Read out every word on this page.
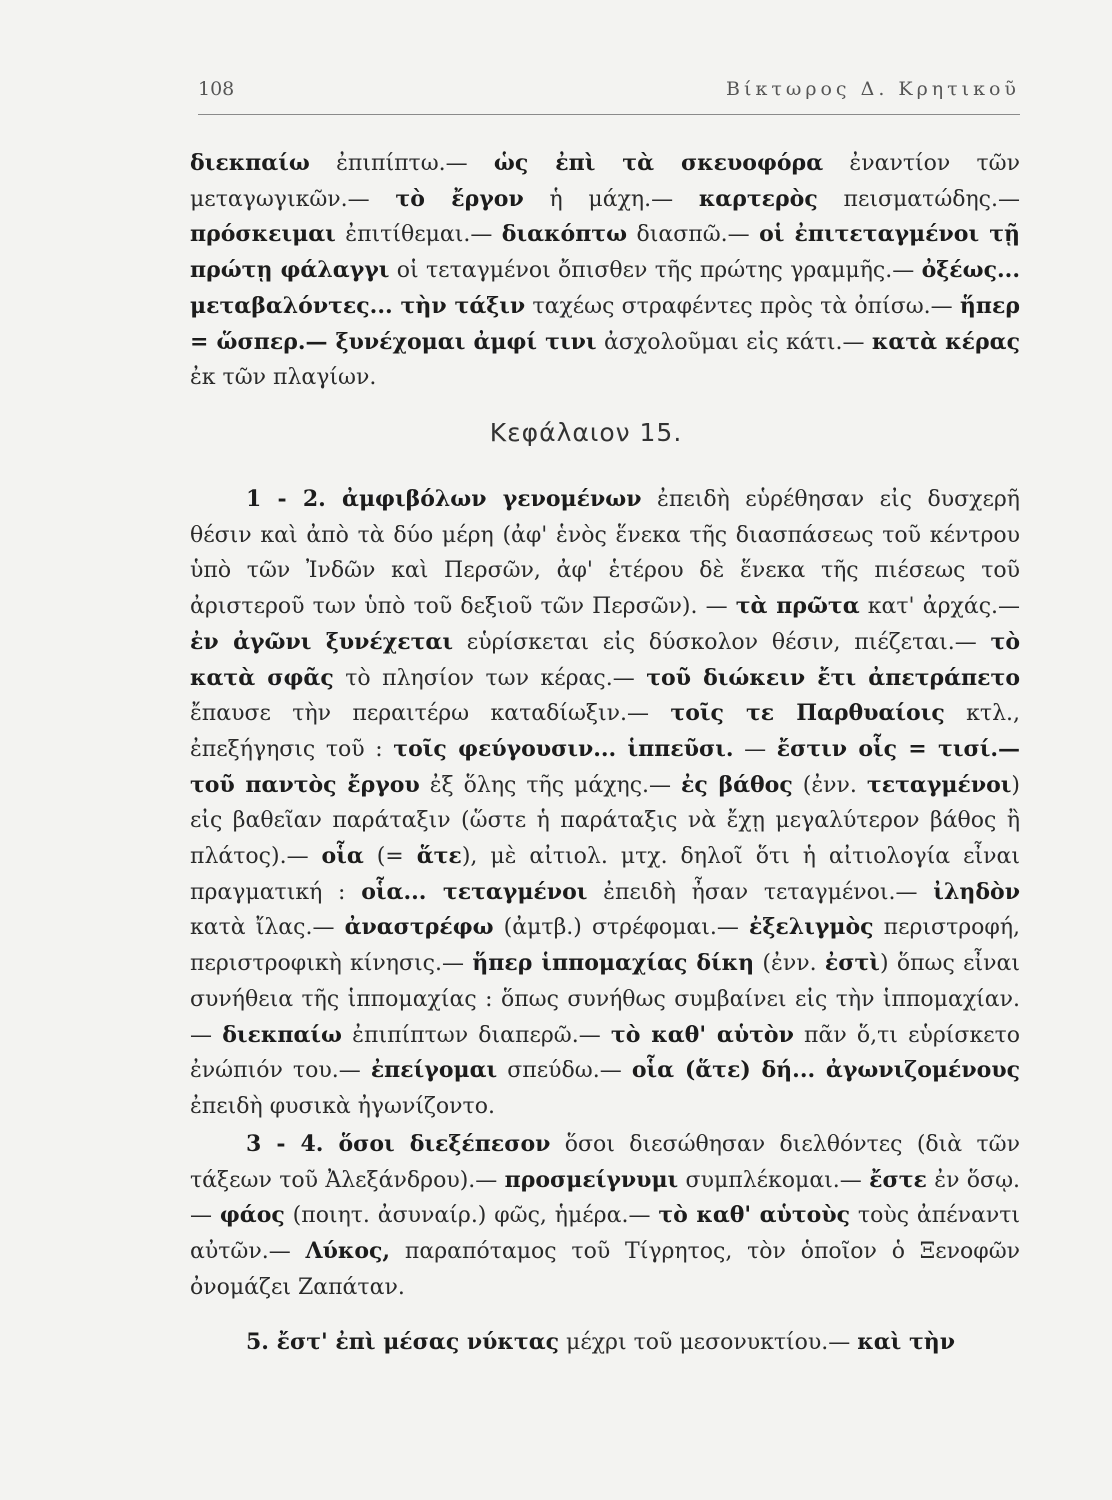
108	Βίκτωρος Δ. Κρητικοῦ
διεκπαίω ἐπιπίπτω.— ὡς ἐπὶ τὰ σκευοφόρα ἐναντίον τῶν μεταγωγικῶν.— τὸ ἔργον ἡ μάχη.— καρτερὸς πεισματώδης.— πρόσκειμαι ἐπιτίθεμαι.— διακόπτω διασπῶ.— οἱ ἐπιτεταγμένοι τῇ πρώτῃ φάλαγγι οἱ τεταγμένοι ὄπισθεν τῆς πρώτης γραμμῆς.— ὀξέως... μεταβαλόντες... τὴν τάξιν ταχέως στραφέντες πρὸς τὰ ὀπίσω.— ἥπερ = ὥσπερ.— ξυνέχομαι ἀμφί τινι ἀσχολοῦμαι εἰς κάτι.— κατὰ κέρας ἐκ τῶν πλαγίων.
Κεφάλαιον 15.
1 - 2. ἀμφιβόλων γενομένων ἐπειδὴ εὑρέθησαν εἰς δυσχερῆ θέσιν καὶ ἀπὸ τὰ δύο μέρη (ἀφ' ἑνὸς ἕνεκα τῆς διασπάσεως τοῦ κέντρου ὑπὸ τῶν Ἰνδῶν καὶ Περσῶν, ἀφ' ἑτέρου δὲ ἕνεκα τῆς πιέσεως τοῦ ἀριστεροῦ των ὑπὸ τοῦ δεξιοῦ τῶν Περσῶν). — τὰ πρῶτα κατ' ἀρχάς.— ἐν ἀγῶνι ξυνέχεται εὑρίσκεται εἰς δύσκολον θέσιν, πιέζεται.— τὸ κατὰ σφᾶς τὸ πλησίον των κέρας.— τοῦ διώκειν ἔτι ἀπετράπετο ἔπαυσε τὴν περαιτέρω καταδίωξιν.— τοῖς τε Παρθυαίοις κτλ., ἐπεξήγησις τοῦ : τοῖς φεύγουσιν... ἱππεῦσι. — ἔστιν οἷς = τισί.— τοῦ παντὸς ἔργου ἐξ ὅλης τῆς μάχης.— ἐς βάθος (ἐνν. τεταγμένοι) εἰς βαθεῖαν παράταξιν (ὥστε ἡ παράταξις νὰ ἔχῃ μεγαλύτερον βάθος ἢ πλάτος).— οἷα (= ἅτε), μὲ αἰτιολ. μτχ. δηλοῖ ὅτι ἡ αἰτιολογία εἶναι πραγματική : οἷα... τεταγμένοι ἐπειδὴ ἦσαν τεταγμένοι.— ἰληδὸν κατὰ ἴλας.— ἀναστρέφω (ἀμτβ.) στρέφομαι.— ἐξελιγμὸς περιστροφή, περιστροφικὴ κίνησις.— ἥπερ ἱππομαχίας δίκη (ἐνν. ἐστὶ) ὅπως εἶναι συνήθεια τῆς ἱππομαχίας : ὅπως συνήθως συμβαίνει εἰς τὴν ἱππομαχίαν.— διεκπαίω ἐπιπίπτων διαπερῶ.— τὸ καθ' αὑτὸν πᾶν ὅ,τι εὑρίσκετο ἐνώπιόν του.— ἐπείγομαι σπεύδω.— οἷα (ἅτε) δή... ἀγωνιζομένους ἐπειδὴ φυσικὰ ἠγωνίζοντο.
3 - 4. ὅσοι διεξέπεσον ὅσοι διεσώθησαν διελθόντες (διὰ τῶν τάξεων τοῦ Ἀλεξάνδρου).— προσμείγνυμι συμπλέκομαι.— ἔστε ἐν ὅσῳ.— φάος (ποιητ. ἀσυναίρ.) φῶς, ἡμέρα.— τὸ καθ' αὑτοὺς τοὺς ἀπέναντι αὐτῶν.— Λύκος, παραπόταμος τοῦ Τίγρητος, τὸν ὁποῖον ὁ Ξενοφῶν ὀνομάζει Ζαπάταν.
5. ἔστ' ἐπὶ μέσας νύκτας μέχρι τοῦ μεσονυκτίου.— καὶ τὴν
